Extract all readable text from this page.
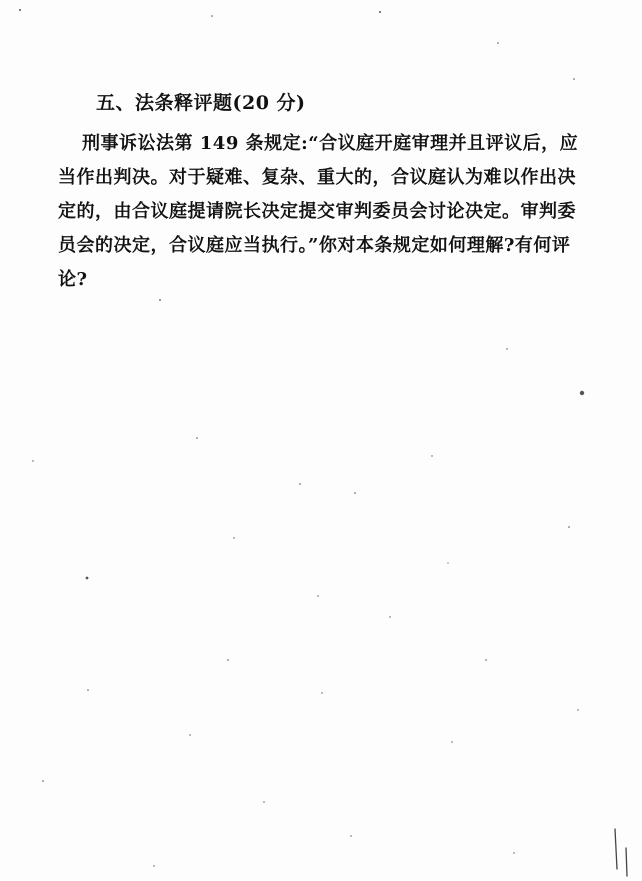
五、法条释评题(20 分)

刑事诉讼法第 149 条规定:“合议庭开庭审理并且评议后，应当作出判决。对于疑难、复杂、重大的，合议庭认为难以作出决定的，由合议庭提请院长决定提交审判委员会讨论决定。审判委员会的决定，合议庭应当执行。”你对本条规定如何理解?有何评论?
